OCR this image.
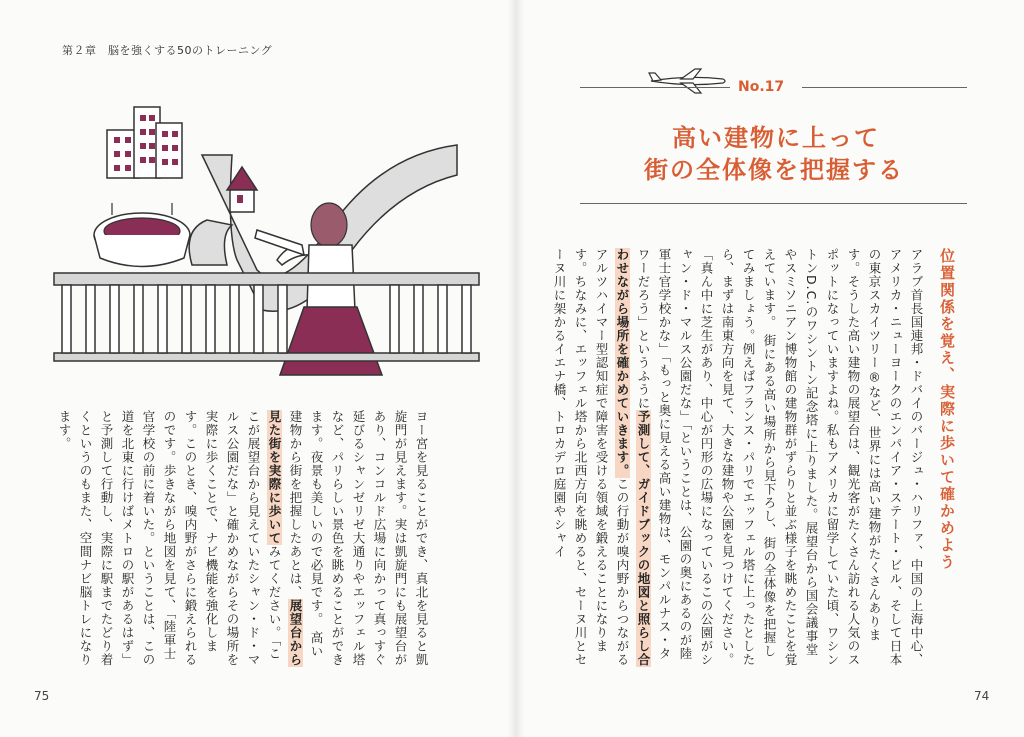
第２章　脳を強くする50のトレーニング
ヨー宮を見ることができ、真北を見ると凱旋門が見えます。実は凱旋門にも展望台があり、コンコルド広場に向かって真っすぐ延びるシャンゼリゼ大通りやエッフェル塔など、パリらしい景色を眺めることができます。夜景も美しいので必見です。 高い建物から街を把握したあとは、展望台から見た街を実際に歩いてみてください。「ここが展望台から見えていたシャン・ド・マルス公園だな」と確かめながらその場所を実際に歩くことで、ナビ機能を強化します。このとき、嗅内野がさらに鍛えられるのです。歩きながら地図を見て、「陸軍士官学校の前に着いた。ということは、この道を北東に行けばメトロの駅があるはず」と予測して行動し、実際に駅までたどり着くというのもまた、空間ナビ脳トレになります。
75
No.17
高い建物に上って
街の全体像を把握する
位置関係を覚え、実際に歩いて確かめよう
アラブ首長国連邦・ドバイのバージュ・ハリファ、中国の上海中心、アメリカ・ニューヨークのエンパイア・ステート・ビル、そして日本の東京スカイツリー®など、世界には高い建物がたくさんあります。そうした高い建物の展望台は、観光客がたくさん訪れる人気のスポットになっていますよね。私もアメリカに留学していた頃、ワシントンD.C.のワシントン記念塔に上りました。展望台から国会議事堂やスミソニアン博物館の建物群がずらりと並ぶ様子を眺めたことを覚えています。 街にある高い場所から見下ろし、街の全体像を把握してみましょう。例えばフランス・パリでエッフェル塔に上ったとしたら、まずは南東方向を見て、大きな建物や公園を見つけてください。「真ん中に芝生があり、中心が円形の広場になっているこの公園がシャン・ド・マルス公園だな」「ということは、公園の奥にあるのが陸軍士官学校かな」「もっと奥に見える高い建物は、モンパルナス・タワーだろう」というふうに予測して、ガイドブックの地図と照らし合わせながら場所を確かめていきます。この行動が嗅内野からつながるアルツハイマー型認知症で障害を受ける領域を鍛えることになります。ちなみに、エッフェル塔から北西方向を眺めると、セーヌ川とセーヌ川に架かるイエナ橋、トロカデロ庭園やシャイ
74
